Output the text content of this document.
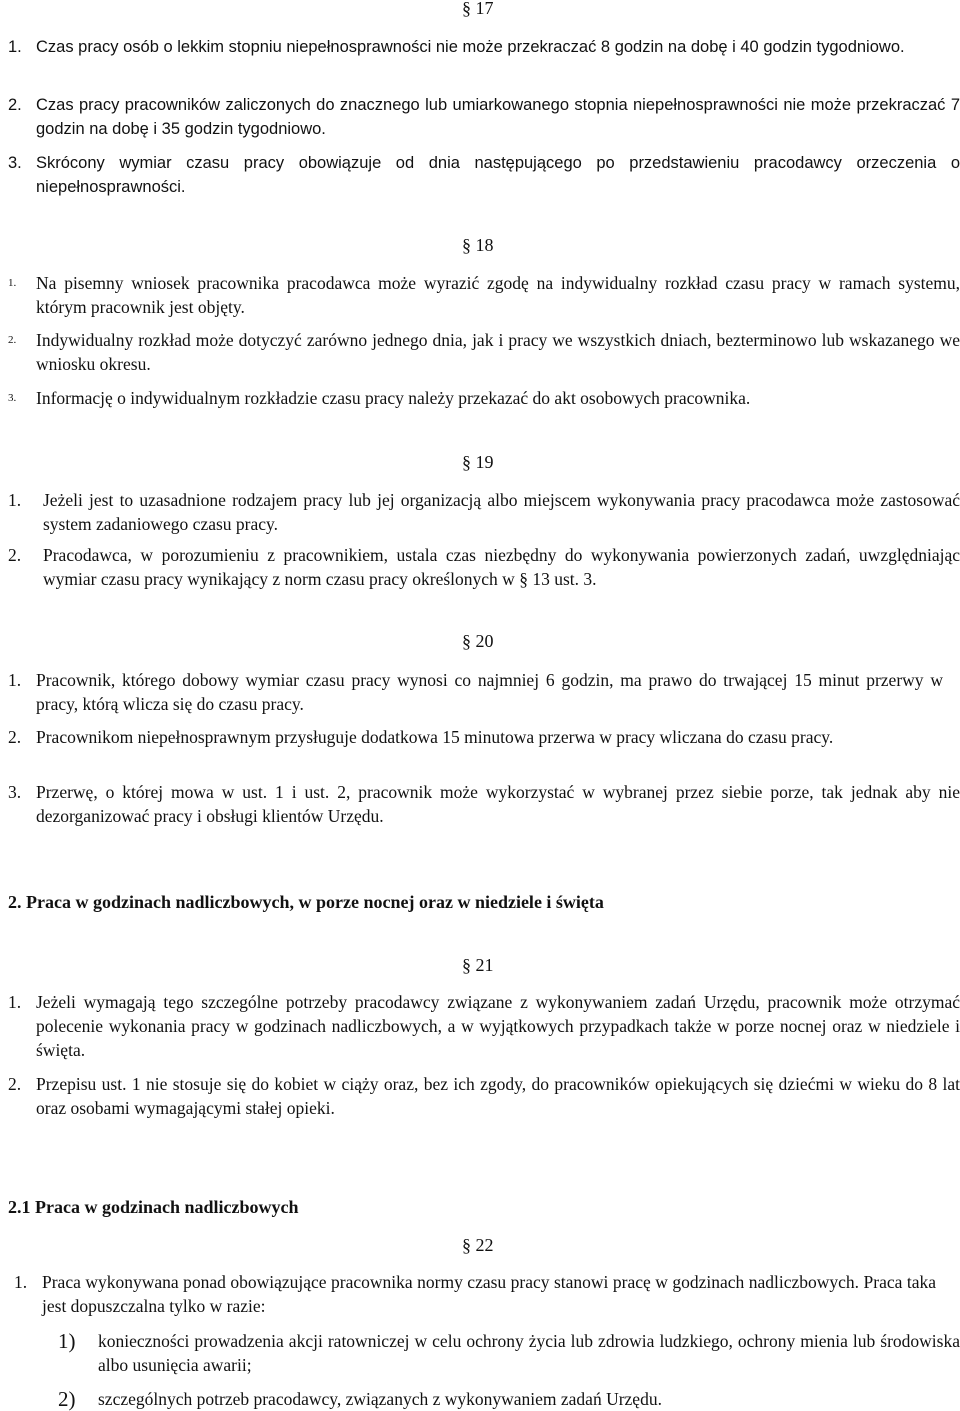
§ 17
1. Czas pracy osób o lekkim stopniu niepełnosprawności nie może przekraczać 8 godzin na dobę i 40 godzin tygodniowo.
2. Czas pracy pracowników zaliczonych do znacznego lub umiarkowanego stopnia niepełnosprawności nie może przekraczać 7 godzin na dobę i 35 godzin tygodniowo.
3. Skrócony wymiar czasu pracy obowiązuje od dnia następującego po przedstawieniu pracodawcy orzeczenia o niepełnosprawności.
§ 18
1. Na pisemny wniosek pracownika pracodawca może wyrazić zgodę na indywidualny rozkład czasu pracy w ramach systemu, którym pracownik jest objęty.
2. Indywidualny rozkład może dotyczyć zarówno jednego dnia, jak i pracy we wszystkich dniach, bezterminowo lub wskazanego we wniosku okresu.
3. Informację o indywidualnym rozkładzie czasu pracy należy przekazać do akt osobowych pracownika.
§ 19
1. Jeżeli jest to uzasadnione rodzajem pracy lub jej organizacją albo miejscem wykonywania pracy pracodawca może zastosować system zadaniowego czasu pracy.
2. Pracodawca, w porozumieniu z pracownikiem, ustala czas niezbędny do wykonywania powierzonych zadań, uwzględniając wymiar czasu pracy wynikający z norm czasu pracy określonych w § 13 ust. 3.
§ 20
1. Pracownik, którego dobowy wymiar czasu pracy wynosi co najmniej 6 godzin, ma prawo do trwającej 15 minut przerwy w pracy, którą wlicza się do czasu pracy.
2. Pracownikom niepełnosprawnym przysługuje dodatkowa 15 minutowa przerwa w pracy wliczana do czasu pracy.
3. Przerwę, o której mowa w ust. 1 i ust. 2, pracownik może wykorzystać w wybranej przez siebie porze, tak jednak aby nie dezorganizować pracy i obsługi klientów Urzędu.
2. Praca w godzinach nadliczbowych, w porze nocnej oraz w niedziele i święta
§ 21
1. Jeżeli wymagają tego szczególne potrzeby pracodawcy związane z wykonywaniem zadań Urzędu, pracownik może otrzymać polecenie wykonania pracy w godzinach nadliczbowych, a w wyjątkowych przypadkach także w porze nocnej oraz w niedziele i święta.
2. Przepisu ust. 1 nie stosuje się do kobiet w ciąży oraz, bez ich zgody, do pracowników opiekujących się dziećmi w wieku do 8 lat oraz osobami wymagającymi stałej opieki.
2.1 Praca w godzinach nadliczbowych
§ 22
1. Praca wykonywana ponad obowiązujące pracownika normy czasu pracy stanowi pracę w godzinach nadliczbowych. Praca taka jest dopuszczalna tylko w razie:
1) konieczności prowadzenia akcji ratowniczej w celu ochrony życia lub zdrowia ludzkiego, ochrony mienia lub środowiska albo usunięcia awarii;
2) szczególnych potrzeb pracodawcy, związanych z wykonywaniem zadań Urzędu.
